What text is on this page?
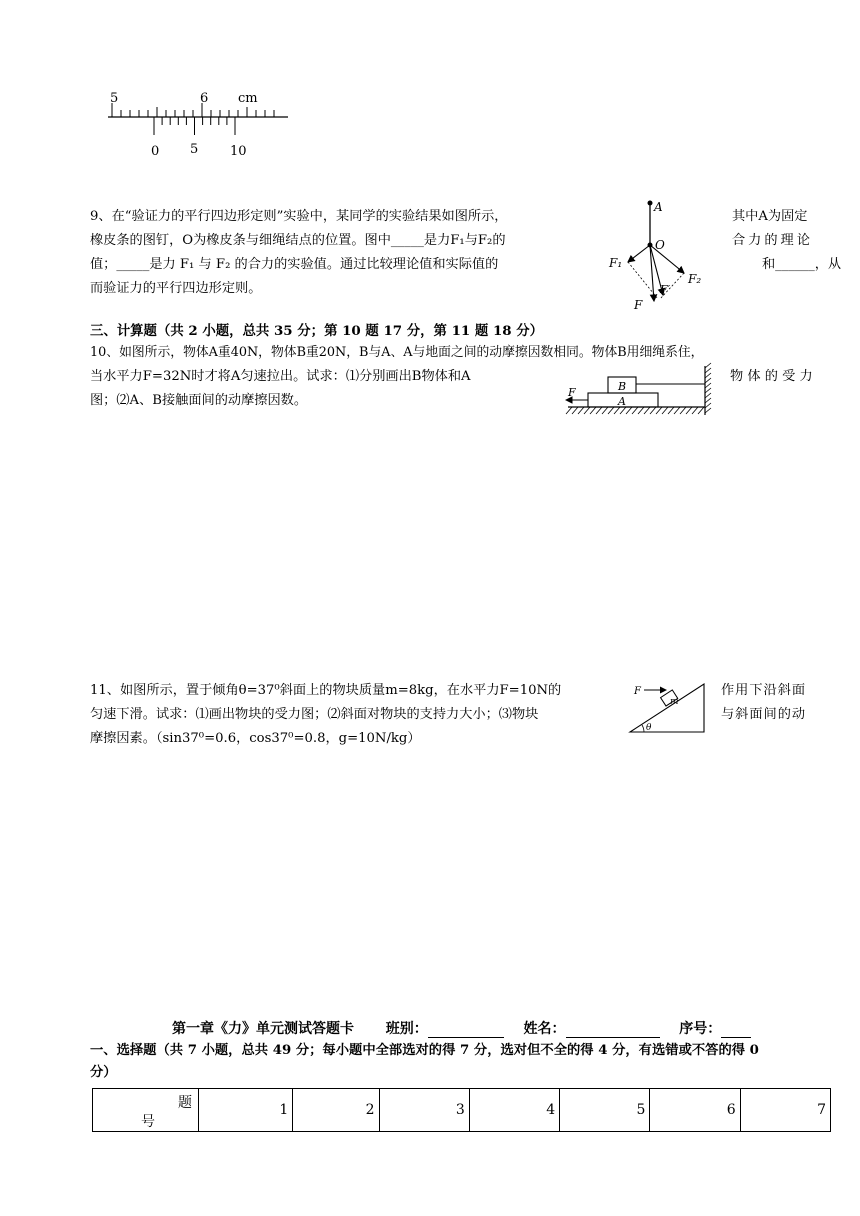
5	6 cm
0 5 10
9、在“验证力的平行四边形定则”实验中，某同学的实验结果如图所示，	其中A为固定
橡皮条的图钉，O为橡皮条与细绳结点的位置。图中_____是力F₁与F₂的	合力的理论
值；_____是力 F₁ 与 F₂ 的合力的实验值。通过比较理论值和实际值的	和______，从
而验证力的平行四边形定则。
A
O
F₁
F₂
F′
F
三、计算题（共 2 小题，总共 35 分；第 10 题 17 分，第 11 题 18 分）
10、如图所示，物体A重40N，物体B重20N，B与A、A与地面之间的动摩擦因数相同。物体B用细绳系住，
当水平力F=32N时才将A匀速拉出。试求：⑴分别画出B物体和A	物 体 的 受 力
图；⑵A、B接触面间的动摩擦因数。
B
A
F
11、如图所示，置于倾角θ=37⁰斜面上的物块质量m=8kg，在水平力F=10N的	作用下沿斜面
匀速下滑。试求：⑴画出物块的受力图；⑵斜面对物块的支持力大小；⑶物块	与斜面间的动
摩擦因素。（sin37⁰=0.6，cos37⁰=0.8，g=10N/kg）
m
F
θ
第一章《力》单元测试答题卡 班别：	姓名：	序号：
一、选择题（共 7 小题，总共 49 分；每小题中全部选对的得 7 分，选对但不全的得 4 分，有选错或不答的得 0
分）
题
号
	1	2	3	4	5	6	7
